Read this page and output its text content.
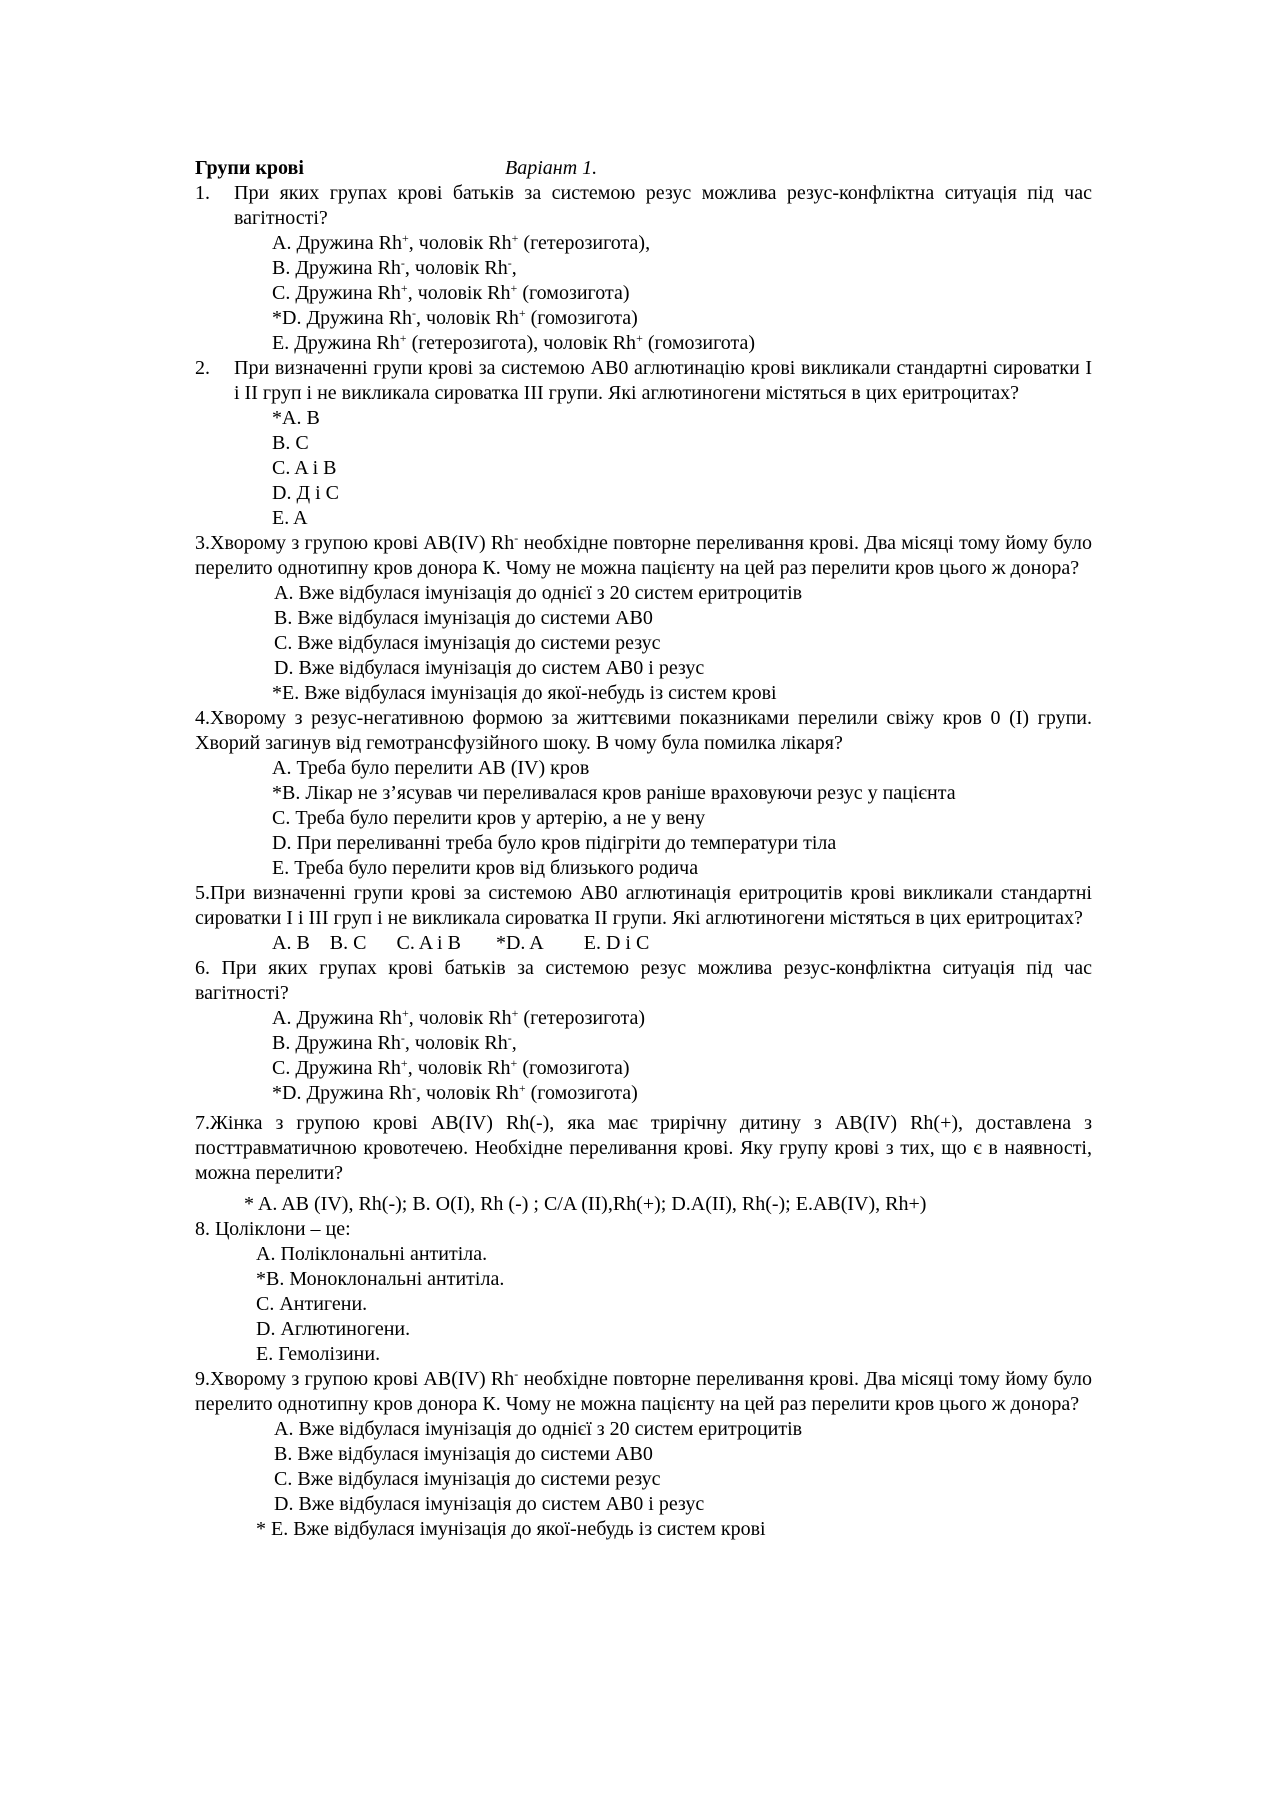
Групи крові	Варіант 1.
1.	При яких групах крові батьків за системою резус можлива резус-конфліктна ситуація під час вагітності?
A. Дружина Rh+, чоловік Rh+ (гетерозигота),
B. Дружина Rh-, чоловік Rh-,
C. Дружина Rh+, чоловік Rh+ (гомозигота)
*D. Дружина Rh-, чоловік Rh+ (гомозигота)
E. Дружина Rh+ (гетерозигота), чоловік Rh+ (гомозигота)
2.	При визначенні групи крові за системою AB0 аглютинацію крові викликали стандартні сироватки I і II груп і не викликала сироватка III групи. Які аглютиногени містяться в цих еритроцитах?
*A. B
B. C
C. A і B
D. Д і С
E. A
3.Хворому з групою крові AB(IV) Rh- необхідне повторне переливання крові. Два місяці тому йому було перелито однотипну кров донора К. Чому не можна пацієнту на цей раз перелити кров цього ж донора?
A. Вже відбулася імунізація до однієї з 20 систем еритроцитів
B. Вже відбулася імунізація до системи AB0
C. Вже відбулася імунізація до системи резус
D. Вже відбулася імунізація до систем AB0 і резус
*E. Вже відбулася імунізація до якої-небудь із систем крові
4.Хворому з резус-негативною формою за життєвими показниками перелили свіжу кров 0 (I) групи. Хворий загинув від гемотрансфузійного шоку. В чому була помилка лікаря?
A. Треба було перелити AB (IV) кров
*B. Лікар не з’ясував чи переливалася кров раніше враховуючи резус у пацієнта
C. Треба було перелити кров у артерію, а не у вену
D. При переливанні треба було кров підігріти до температури тіла
E. Треба було перелити кров від близького родича
5.При визначенні групи крові за системою AB0 аглютинація еритроцитів крові викликали стандартні сироватки I і III груп і не викликала сироватка II групи. Які аглютиногени містяться в цих еритроцитах?
A. B B. C C. A і B *D. A E. D і C
6. При яких групах крові батьків за системою резус можлива резус-конфліктна ситуація під час вагітності?
A. Дружина Rh+, чоловік Rh+ (гетерозигота)
B. Дружина Rh-, чоловік Rh-,
C. Дружина Rh+, чоловік Rh+ (гомозигота)
*D. Дружина Rh-, чоловік Rh+ (гомозигота)
7.Жінка з групою крові AB(IV) Rh(-), яка має трирічну дитину з AB(IV) Rh(+), доставлена з посттравматичною кровотечею. Необхідне переливання крові. Яку групу крові з тих, що є в наявності, можна перелити?
* A. AB (IV), Rh(-); B. O(I), Rh (-) ; C/A (II),Rh(+); D.A(II), Rh(-); E.AB(IV), Rh+)
8. Цоліклони – це:
A. Поліклональні антитіла.
*B. Моноклональні антитіла.
C. Антигени.
D. Аглютиногени.
E. Гемолізини.
9.Хворому з групою крові AB(IV) Rh- необхідне повторне переливання крові. Два місяці тому йому було перелито однотипну кров донора К. Чому не можна пацієнту на цей раз перелити кров цього ж донора?
A. Вже відбулася імунізація до однієї з 20 систем еритроцитів
B. Вже відбулася імунізація до системи AB0
C. Вже відбулася імунізація до системи резус
D. Вже відбулася імунізація до систем AB0 і резус
* E. Вже відбулася імунізація до якої-небудь із систем крові
